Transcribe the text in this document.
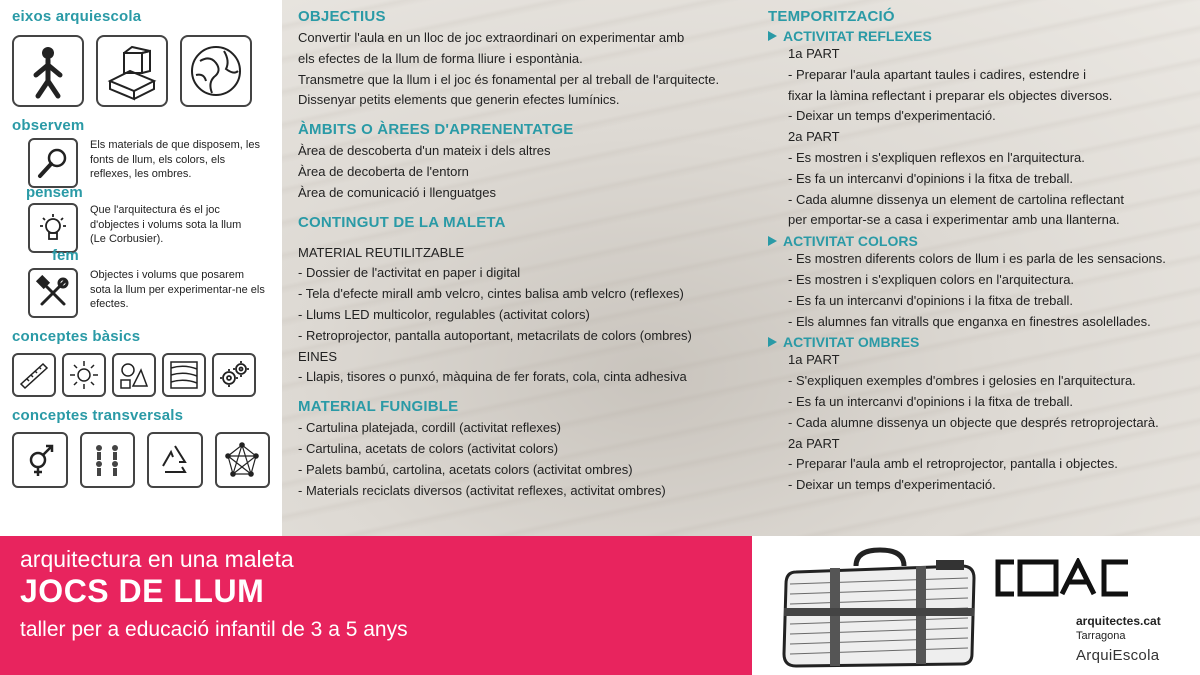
eixos arquiescola
observem
Els materials de que disposem, les fonts de llum, els colors, els reflexes, les ombres.
pensem
Que l'arquitectura és el joc d'objectes i volums sota la llum (Le Corbusier).
fem
Objectes i volums que posarem sota la llum per experimentar-ne els efectes.
conceptes bàsics
conceptes transversals
OBJECTIUS
Convertir l'aula en un lloc de joc extraordinari on experimentar amb
els efectes de la llum de forma lliure i espontània.
Transmetre que la llum i el joc és fonamental per al treball de l'arquitecte.
Dissenyar petits elements que generin efectes lumínics.
ÀMBITS O ÀREES D'APRENENTATGE
Àrea de descoberta d'un mateix i dels altres
Àrea de decoberta de l'entorn
Àrea de comunicació i llenguatges
CONTINGUT DE LA MALETA
MATERIAL REUTILITZABLE
- Dossier de l'activitat en paper i digital
- Tela d'efecte mirall amb velcro, cintes balisa amb velcro (reflexes)
- Llums LED multicolor, regulables (activitat colors)
- Retroprojector, pantalla autoportant, metacrilats de colors (ombres)
EINES
- Llapis, tisores o punxó, màquina de fer forats, cola, cinta adhesiva
MATERIAL FUNGIBLE
- Cartulina platejada, cordill (activitat reflexes)
- Cartulina, acetats de colors (activitat colors)
- Palets bambú, cartolina, acetats colors (activitat ombres)
- Materials reciclats diversos (activitat reflexes, activitat ombres)
TEMPORITZACIÓ
ACTIVITAT REFLEXES
1a PART
- Preparar l'aula apartant taules i cadires, estendre i
fixar la làmina reflectant i preparar els objectes diversos.
- Deixar un temps d'experimentació.
2a PART
- Es mostren i s'expliquen reflexos en l'arquitectura.
- Es fa un intercanvi d'opinions i la fitxa de treball.
- Cada alumne dissenya un element de cartolina reflectant
per emportar-se a casa i experimentar amb una llanterna.
ACTIVITAT COLORS
- Es mostren diferents colors de llum i es parla de les sensacions.
- Es mostren i s'expliquen colors en l'arquitectura.
- Es fa un intercanvi d'opinions i la fitxa de treball.
- Els alumnes fan vitralls que enganxa en finestres asolellades.
ACTIVITAT OMBRES
1a PART
- S'expliquen exemples d'ombres i gelosies en l'arquitectura.
- Es fa un intercanvi d'opinions i la fitxa de treball.
- Cada alumne dissenya un objecte que després retroprojectarà.
2a PART
- Preparar l'aula amb el retroprojector, pantalla i objectes.
- Deixar un temps d'experimentació.
arquitectura en una maleta
JOCS DE LLUM
taller per a educació infantil de 3 a 5 anys	arquitectes.cat
Tarragona
ArquiEscola
